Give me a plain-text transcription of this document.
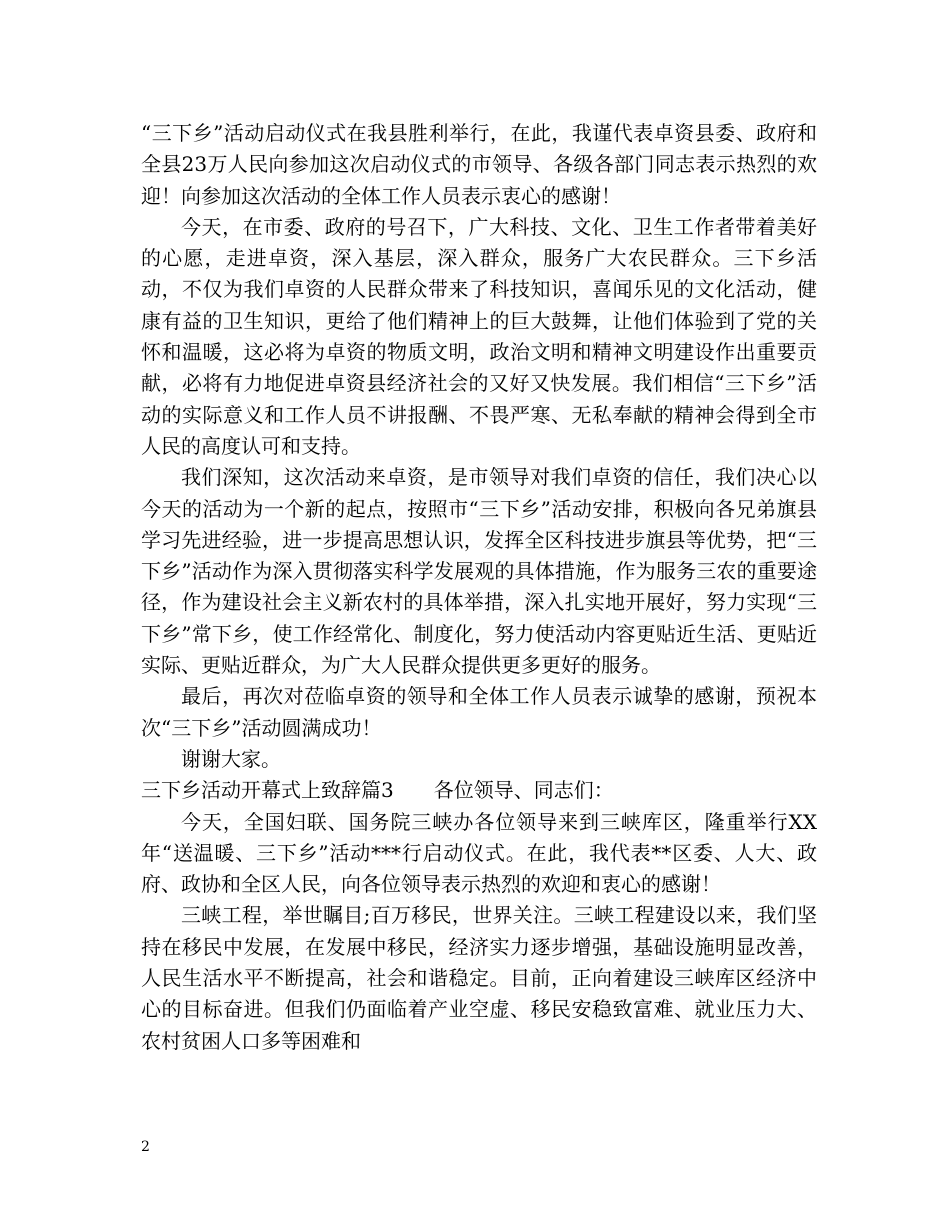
“三下乡”活动启动仪式在我县胜利举行，在此，我谨代表卓资县委、政府和全县23万人民向参加这次启动仪式的市领导、各级各部门同志表示热烈的欢迎！向参加这次活动的全体工作人员表示衷心的感谢！

今天，在市委、政府的号召下，广大科技、文化、卫生工作者带着美好的心愿，走进卓资，深入基层，深入群众，服务广大农民群众。三下乡活动，不仅为我们卓资的人民群众带来了科技知识，喜闻乐见的文化活动，健康有益的卫生知识，更给了他们精神上的巨大鼓舞，让他们体验到了党的关怀和温暖，这必将为卓资的物质文明，政治文明和精神文明建设作出重要贡献，必将有力地促进卓资县经济社会的又好又快发展。我们相信“三下乡”活动的实际意义和工作人员不讲报酬、不畏严寒、无私奉献的精神会得到全市人民的高度认可和支持。

我们深知，这次活动来卓资，是市领导对我们卓资的信任，我们决心以今天的活动为一个新的起点，按照市“三下乡”活动安排，积极向各兄弟旗县学习先进经验，进一步提高思想认识，发挥全区科技进步旗县等优势，把“三下乡”活动作为深入贯彻落实科学发展观的具体措施，作为服务三农的重要途径，作为建设社会主义新农村的具体举措，深入扎实地开展好，努力实现“三下乡”常下乡，使工作经常化、制度化，努力使活动内容更贴近生活、更贴近实际、更贴近群众，为广大人民群众提供更多更好的服务。

最后，再次对莅临卓资的领导和全体工作人员表示诚挚的感谢，预祝本次“三下乡”活动圆满成功！

谢谢大家。

三下乡活动开幕式上致辞篇3　　各位领导、同志们：

今天，全国妇联、国务院三峡办各位领导来到三峡库区，隆重举行XX年“送温暖、三下乡”活动***行启动仪式。在此，我代表**区委、人大、政府、政协和全区人民，向各位领导表示热烈的欢迎和衷心的感谢！

三峡工程，举世瞩目;百万移民，世界关注。三峡工程建设以来，我们坚持在移民中发展，在发展中移民，经济实力逐步增强，基础设施明显改善，人民生活水平不断提高，社会和谐稳定。目前，正向着建设三峡库区经济中心的目标奋进。但我们仍面临着产业空虚、移民安稳致富难、就业压力大、农村贫困人口多等困难和

2
